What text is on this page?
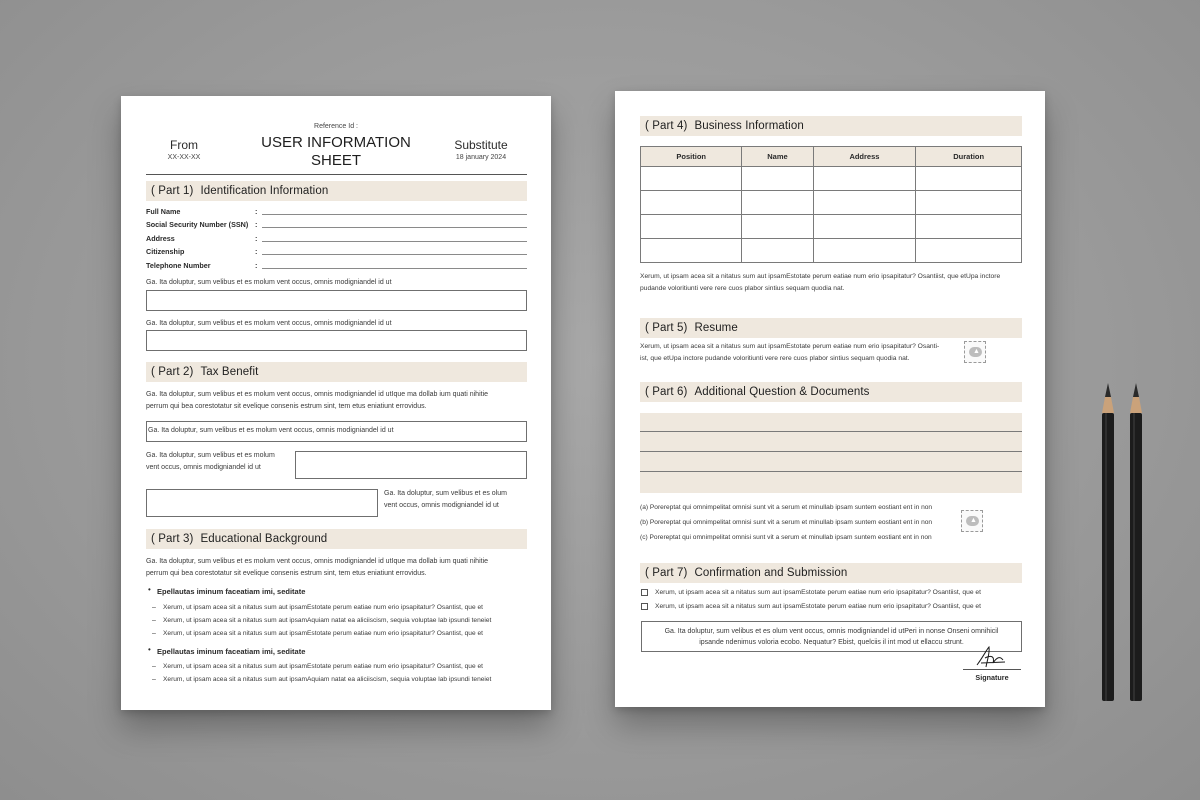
Reference Id :
USER INFORMATION
SHEET
From
XX-XX-XX
Substitute
18 january 2024
( Part 1) Identification Information
Full Name	:
Social Security Number (SSN) :
Address	:
Citizenship	:
Telephone Number	:
Ga. Ita doluptur, sum velibus et es molum vent occus, omnis modigniandel id ut
Ga. Ita doluptur, sum velibus et es molum vent occus, omnis modigniandel id ut
( Part 2) Tax Benefit
Ga. Ita doluptur, sum velibus et es molum vent occus, omnis modigniandel id utIque ma dollab ium quati nihitie
perrum qui bea corestotatur sit evelique consenis estrum sint, tem etus eniatiunt errovidus.
Ga. Ita doluptur, sum velibus et es molum vent occus, omnis modigniandel id ut
Ga. Ita doluptur, sum velibus et es molum
vent occus, omnis modigniandel id ut
Ga. Ita doluptur, sum velibus et es olum
vent occus, omnis modigniandel id ut
( Part 3) Educational Background
Ga. Ita doluptur, sum velibus et es molum vent occus, omnis modigniandel id utIque ma dollab ium quati nihitie
perrum qui bea corestotatur sit evelique consenis estrum sint, tem etus eniatiunt errovidus.
• Epellautas iminum faceatiam imi, seditate
– Xerum, ut ipsam acea sit a nitatus sum aut ipsamEstotate perum eatiae num erio ipsapitatur? Osantist, que et
– Xerum, ut ipsam acea sit a nitatus sum aut ipsamAquiam natat ea aliciiscism, sequia voluptae lab ipsundi teneiet
– Xerum, ut ipsam acea sit a nitatus sum aut ipsamEstotate perum eatiae num erio ipsapitatur? Osantist, que et
• Epellautas iminum faceatiam imi, seditate
– Xerum, ut ipsam acea sit a nitatus sum aut ipsamEstotate perum eatiae num erio ipsapitatur? Osantist, que et
– Xerum, ut ipsam acea sit a nitatus sum aut ipsamAquiam natat ea aliciiscism, sequia voluptae lab ipsundi teneiet
( Part 4) Business Information
Position	Name	Address	Duration

Xerum, ut ipsam acea sit a nitatus sum aut ipsamEstotate perum eatiae num erio ipsapitatur? Osantiist, que etUpa inctore
pudande voloritiunti vere rere cuos plabor sintius sequam quodia nat.
( Part 5) Resume
Xerum, ut ipsam acea sit a nitatus sum aut ipsamEstotate perum eatiae num erio ipsapitatur? Osanti-
ist, que etUpa inctore pudande voloritiunti vere rere cuos plabor sintius sequam quodia nat.
▲
( Part 6) Additional Question & Documents
(a) Porereptat qui omnimpelitat omnisi sunt vit a serum et minullab ipsam suntem eostiant ent in non
(b) Porereptat qui omnimpelitat omnisi sunt vit a serum et minullab ipsam suntem eostiant ent in non
(c) Porereptat qui omnimpelitat omnisi sunt vit a serum et minullab ipsam suntem eostiant ent in non
▲
( Part 7) Confirmation and Submission
Xerum, ut ipsam acea sit a nitatus sum aut ipsamEstotate perum eatiae num erio ipsapitatur? Osantiist, que et
Xerum, ut ipsam acea sit a nitatus sum aut ipsamEstotate perum eatiae num erio ipsapitatur? Osantiist, que et
Ga. Ita doluptur, sum velibus et es olum vent occus, omnis modigniandel id utPeri in nonse Onseni omnihicil
ipsande ndenimus voloria ecobo. Nequatur? Ebist, quelciis il int mod ut ellaccu strunt.
Signature
